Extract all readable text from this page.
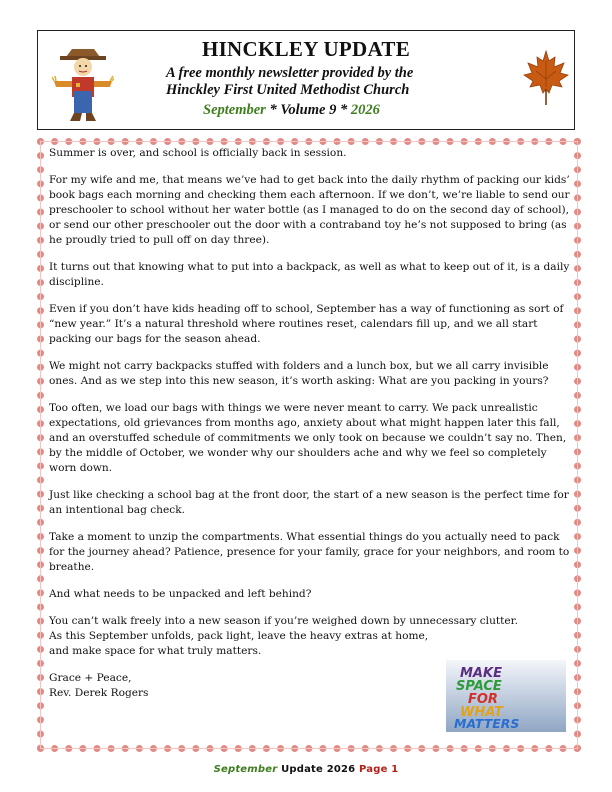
HINCKLEY UPDATE
A free monthly newsletter provided by the
Hinckley First United Methodist Church
September * Volume 9 * 2026

Summer is over, and school is officially back in session.

For my wife and me, that means we’ve had to get back into the daily rhythm of packing our kids’ book bags each morning and checking them each afternoon. If we don’t, we’re liable to send our preschooler to school without her water bottle (as I managed to do on the second day of school), or send our other preschooler out the door with a contraband toy he’s not supposed to bring (as he proudly tried to pull off on day three).

It turns out that knowing what to put into a backpack, as well as what to keep out of it, is a daily discipline.

Even if you don’t have kids heading off to school, September has a way of functioning as sort of “new year.” It’s a natural threshold where routines reset, calendars fill up, and we all start packing our bags for the season ahead.

We might not carry backpacks stuffed with folders and a lunch box, but we all carry invisible ones. And as we step into this new season, it’s worth asking: What are you packing in yours?

Too often, we load our bags with things we were never meant to carry. We pack unrealistic expectations, old grievances from months ago, anxiety about what might happen later this fall, and an overstuffed schedule of commitments we only took on because we couldn’t say no. Then, by the middle of October, we wonder why our shoulders ache and why we feel so completely worn down.

Just like checking a school bag at the front door, the start of a new season is the perfect time for an intentional bag check.

Take a moment to unzip the compartments. What essential things do you actually need to pack for the journey ahead? Patience, presence for your family, grace for your neighbors, and room to breathe.

And what needs to be unpacked and left behind?

You can’t walk freely into a new season if you’re weighed down by unnecessary clutter.

As this September unfolds, pack light, leave the heavy extras at home,

and make space for what truly matters.

Grace + Peace,

Rev. Derek Rogers

MAKE
SPACE
FOR
WHAT
MATTERS
September Update 2026 Page 1
